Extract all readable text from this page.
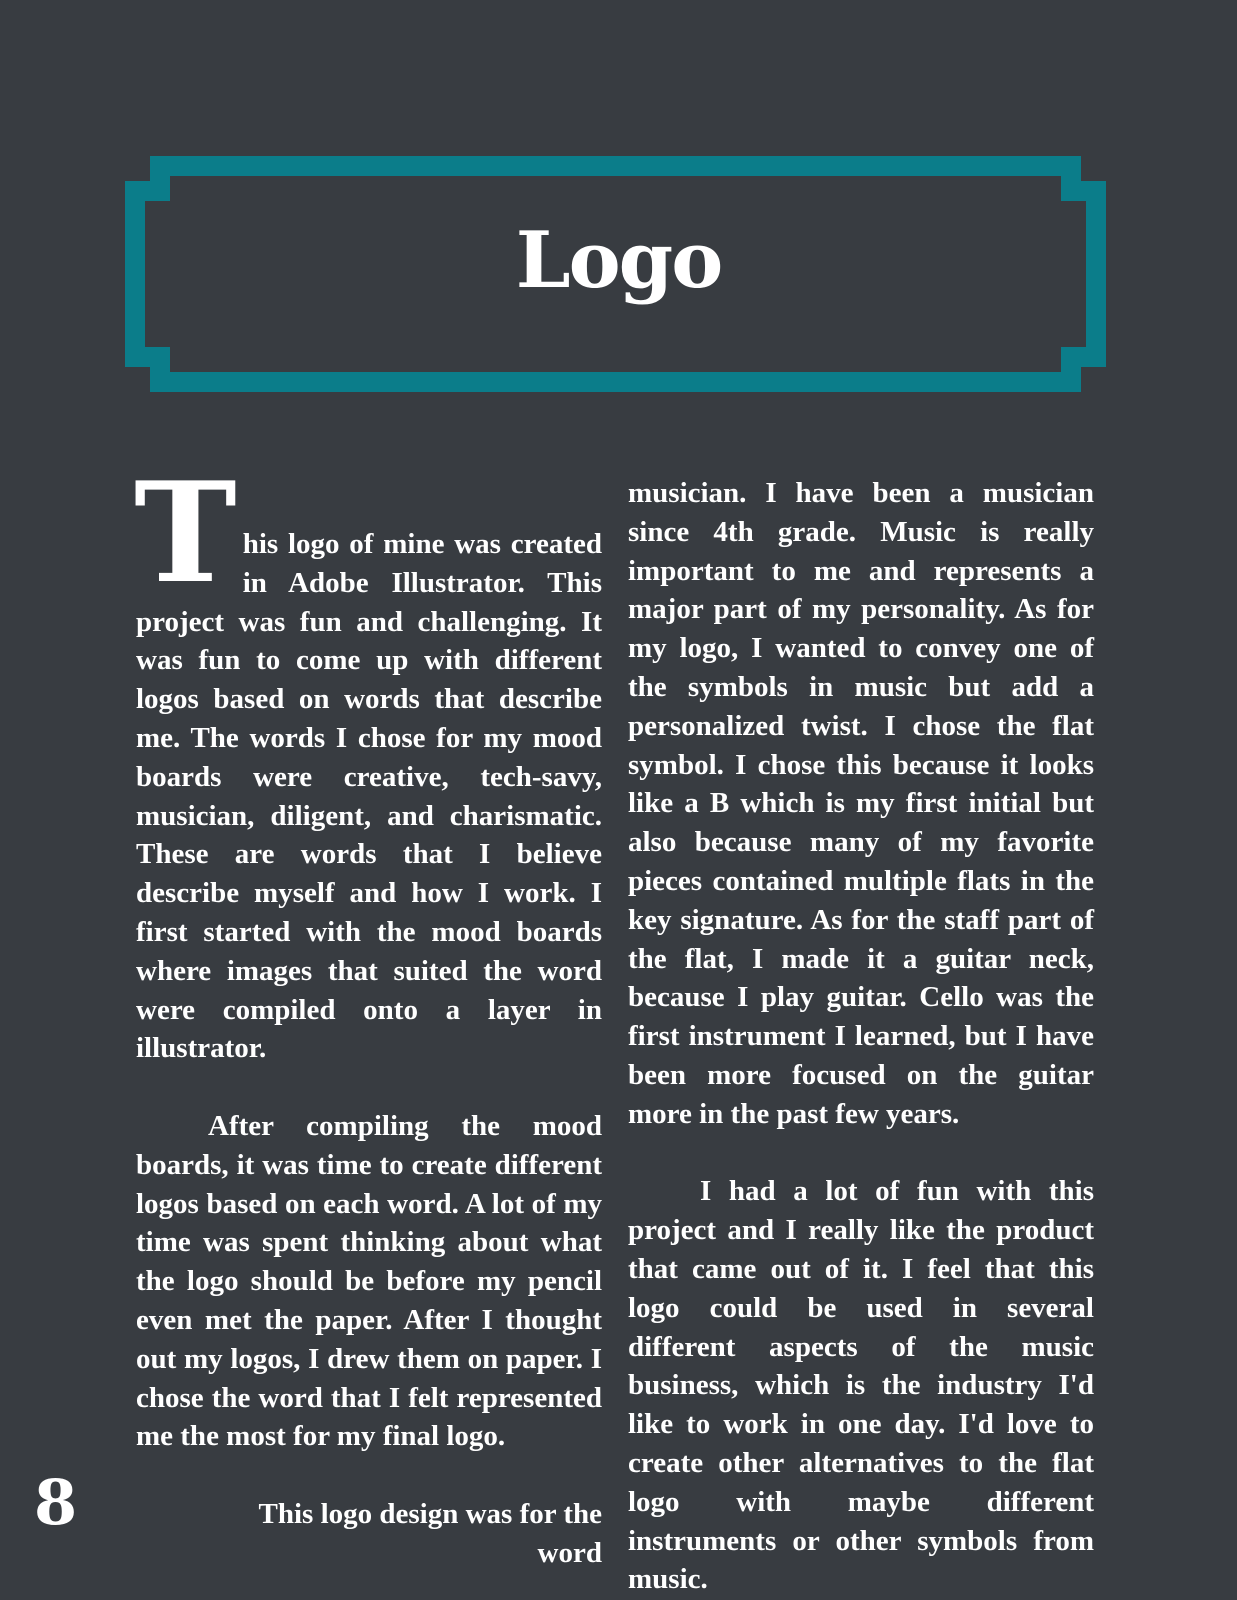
Logo

T his logo of mine was created in Adobe Illustrator. This project was fun and challenging. It was fun to come up with different logos based on words that describe me. The words I chose for my mood boards were creative, tech-savy, musician, diligent, and charismatic. These are words that I believe describe myself and how I work. I first started with the mood boards where images that suited the word were compiled onto a layer in illustrator.

After compiling the mood boards, it was time to create different logos based on each word. A lot of my time was spent thinking about what the logo should be before my pencil even met the paper. After I thought out my logos, I drew them on paper. I chose the word that I felt represented me the most for my final logo.

This logo design was for the word

musician. I have been a musician since 4th grade. Music is really important to me and represents a major part of my personality. As for my logo, I wanted to convey one of the symbols in music but add a personalized twist. I chose the flat symbol. I chose this because it looks like a B which is my first initial but also because many of my favorite pieces contained multiple flats in the key signature. As for the staff part of the flat, I made it a guitar neck, because I play guitar. Cello was the first instrument I learned, but I have been more focused on the guitar more in the past few years.

I had a lot of fun with this project and I really like the product that came out of it. I feel that this logo could be used in several different aspects of the music business, which is the industry I'd like to work in one day. I'd love to create other alternatives to the flat logo with maybe different instruments or other symbols from music.

8
